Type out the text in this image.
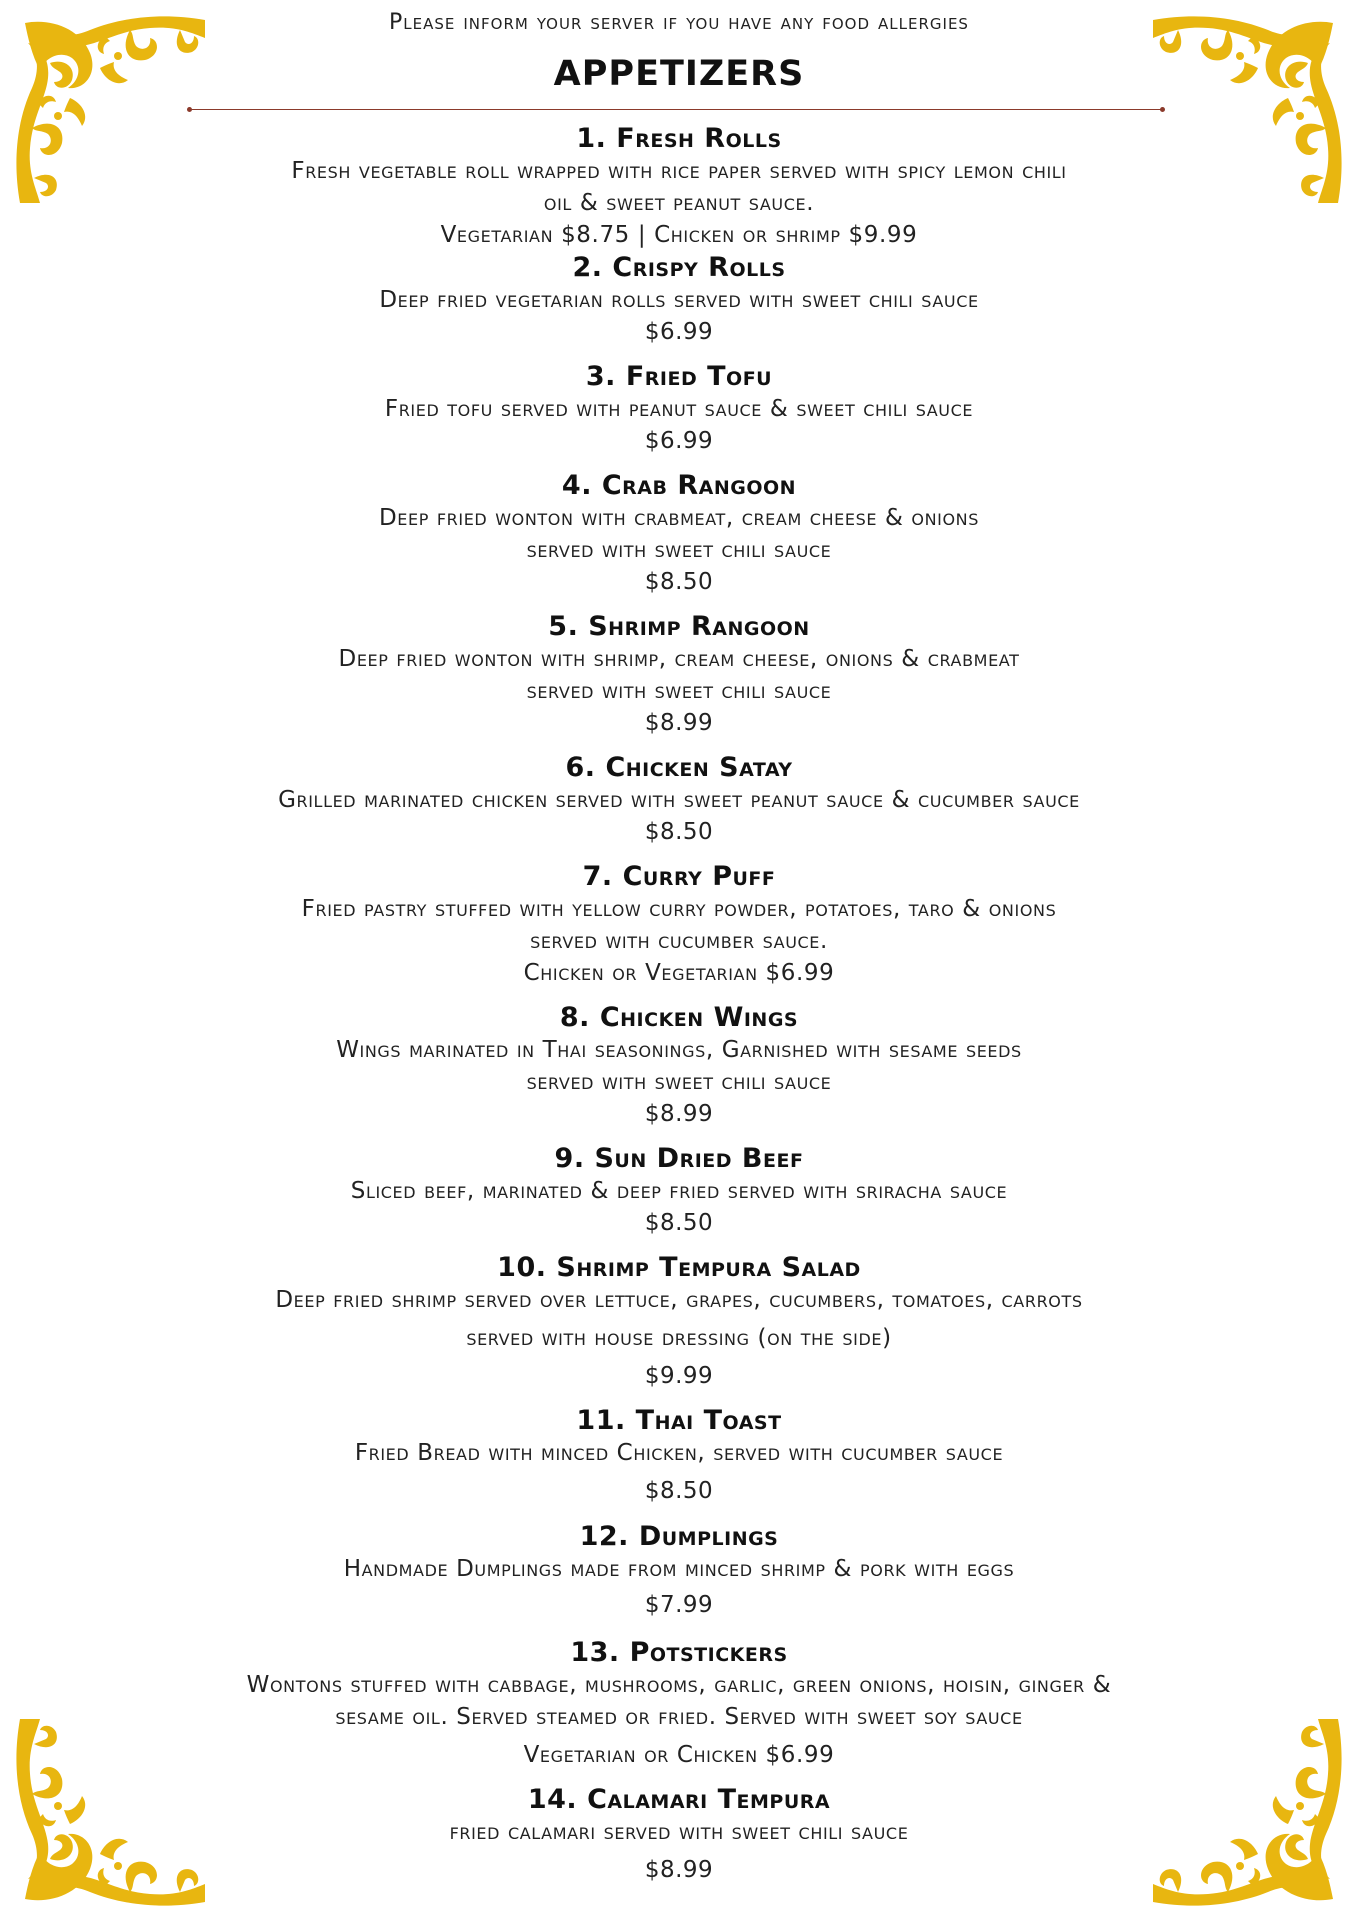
Please inform your server if you have any food allergies
APPETIZERS
1. Fresh Rolls
Fresh vegetable roll wrapped with rice paper served with spicy lemon chili
oil & sweet peanut sauce.
Vegetarian $8.75 | Chicken or shrimp $9.99
2. Crispy Rolls
Deep fried vegetarian rolls served with sweet chili sauce
$6.99
3. Fried Tofu
Fried tofu served with peanut sauce & sweet chili sauce
$6.99
4. Crab Rangoon
Deep fried wonton with crabmeat, cream cheese & onions
served with sweet chili sauce
$8.50
5. Shrimp Rangoon
Deep fried wonton with shrimp, cream cheese, onions & crabmeat
served with sweet chili sauce
$8.99
6. Chicken Satay
Grilled marinated chicken served with sweet peanut sauce & cucumber sauce
$8.50
7. Curry Puff
Fried pastry stuffed with yellow curry powder, potatoes, taro & onions
served with cucumber sauce.
Chicken or Vegetarian $6.99
8. Chicken Wings
Wings marinated in Thai seasonings, Garnished with sesame seeds
served with sweet chili sauce
$8.99
9. Sun Dried Beef
Sliced beef, marinated & deep fried served with sriracha sauce
$8.50
10. Shrimp Tempura Salad
Deep fried shrimp served over lettuce, grapes, cucumbers, tomatoes, carrots
served with house dressing (on the side)
$9.99
11. Thai Toast
Fried Bread with minced Chicken, served with cucumber sauce
$8.50
12. Dumplings
Handmade Dumplings made from minced shrimp & pork with eggs
$7.99
13. Potstickers
Wontons stuffed with cabbage, mushrooms, garlic, green onions, hoisin, ginger &
sesame oil. Served steamed or fried. Served with sweet soy sauce
Vegetarian or Chicken $6.99
14. Calamari Tempura
fried calamari served with sweet chili sauce
$8.99
